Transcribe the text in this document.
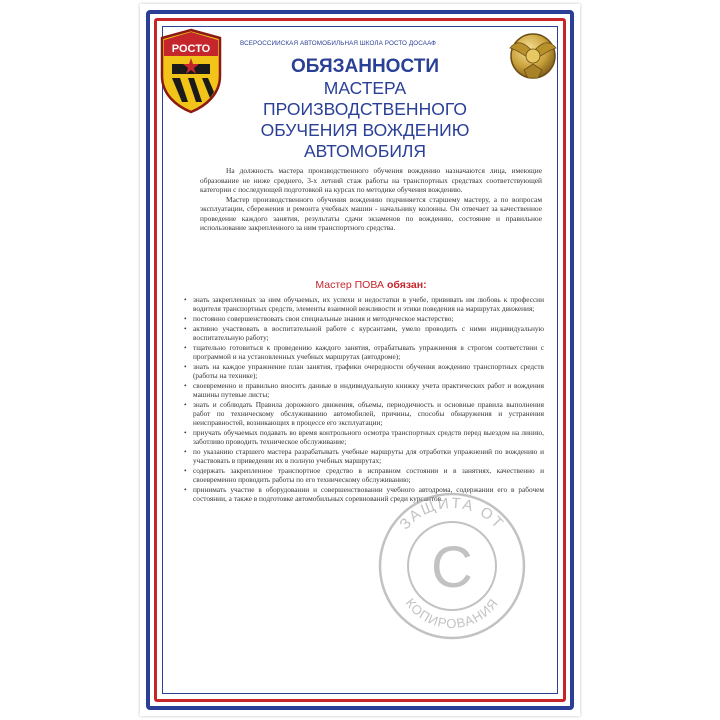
РОСТО	ВСЕРОССИЙСКАЯ АВТОМОБИЛЬНАЯ ШКОЛА РОСТО ДОСААФ
ОБЯЗАННОСТИ
МАСТЕРА
ПРОИЗВОДСТВЕННОГО
ОБУЧЕНИЯ ВОЖДЕНИЮ
АВТОМОБИЛЯ

На должность мастера производственного обучения вождению назначаются лица, имеющие образование не ниже среднего, 3-х летний стаж работы на транспортных средствах соответствующей категории с последующей подготовкой на курсах по методике обучения вождению.

Мастер производственного обучения вождению подчиняется старшему мастеру, а по вопросам эксплуатации, сбережения и ремонта учебных машин - начальнику колонны. Он отвечает за качественное проведение каждого занятия, результаты сдачи экзаменов по вождению, состояние и правильное использование закрепленного за ним транспортного средства.

Мастер ПОВА обязан:
• знать закрепленных за ним обучаемых, их успехи и недостатки в учебе, прививать им любовь к профессии водителя транспортных средств, элементы взаимной вежливости и этики поведения на маршрутах движения;
• постоянно совершенствовать свои специальные знания и методическое мастерство;
• активно участвовать в воспитательной работе с курсантами, умело проводить с ними индивидуальную воспитательную работу;
• тщательно готовиться к проведению каждого занятия, отрабатывать упражнения в строгом соответствии с программой и на установленных учебных маршрутах (автодроме);
• знать на каждое упражнение план занятия, графики очередности обучения вождению транспортных средств (работы на технике);
• своевременно и правильно вносить данные в индивидуальную книжку учета практических работ и вождения машины путевые листы;
• знать и соблюдать Правила дорожного движения, объемы, периодичность и основные правила выполнения работ по техническому обслуживанию автомобилей, причины, способы обнаружения и устранения неисправностей, возникающих в процессе его эксплуатации;
• приучать обучаемых подавать во время контрольного осмотра транспортных средств перед выездом на линию, заботливо проводить техническое обслуживание;
• по указанию старшего мастера разрабатывать учебные маршруты для отработки упражнений по вождению и участвовать в приведении их в полную учебных маршрутах;
• содержать закрепленное транспортное средство в исправном состоянии и в занятиях, качественно и своевременно проводить работы по его техническому обслуживанию;
• принимать участие в оборудовании и совершенствовании учебного автодрома, содержании его в рабочем состоянии, а также в подготовке автомобильных соревнований среди курсантов.
ЗАЩИТА ОТ
КОПИРОВАНИЯ
C
